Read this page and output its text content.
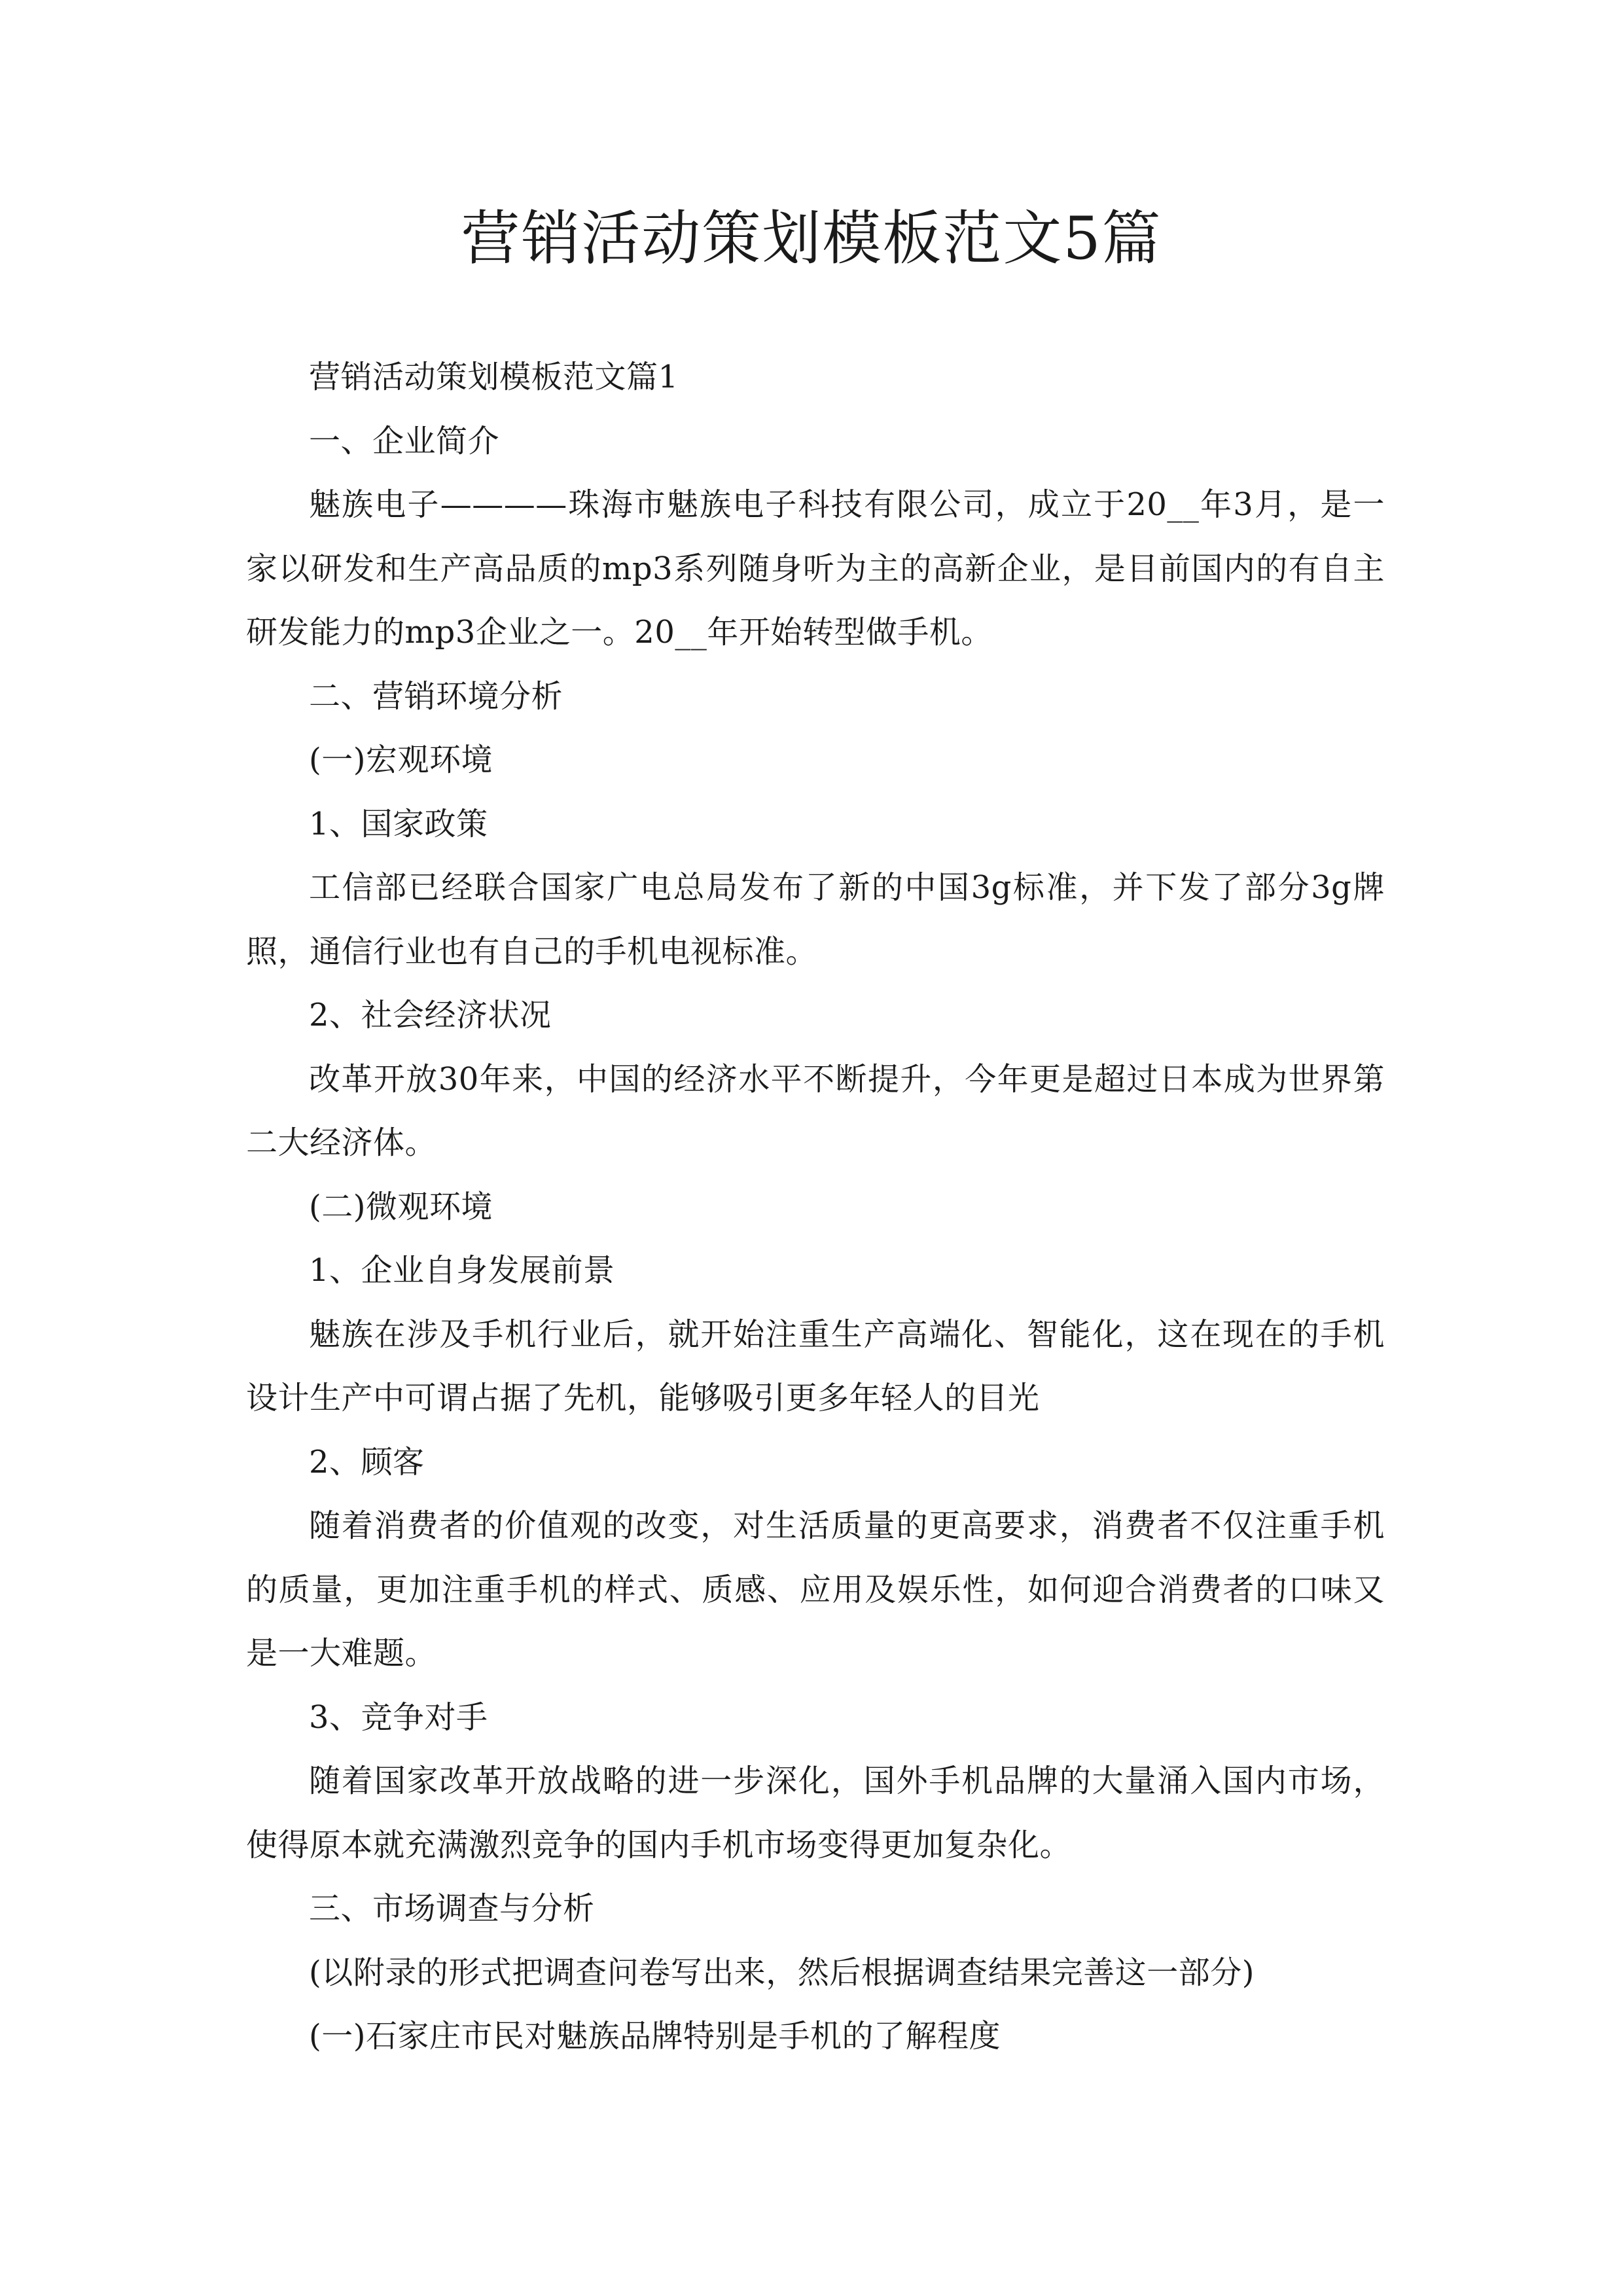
营销活动策划模板范文5篇

营销活动策划模板范文篇1

一、企业简介

魅族电子————珠海市魅族电子科技有限公司，成立于20__年3月，是一家以研发和生产高品质的mp3系列随身听为主的高新企业，是目前国内的有自主研发能力的mp3企业之一。20__年开始转型做手机。

二、营销环境分析

(一)宏观环境

1、国家政策

工信部已经联合国家广电总局发布了新的中国3g标准，并下发了部分3g牌照，通信行业也有自己的手机电视标准。

2、社会经济状况

改革开放30年来，中国的经济水平不断提升，今年更是超过日本成为世界第二大经济体。

(二)微观环境

1、企业自身发展前景

魅族在涉及手机行业后，就开始注重生产高端化、智能化，这在现在的手机设计生产中可谓占据了先机，能够吸引更多年轻人的目光

2、顾客

随着消费者的价值观的改变，对生活质量的更高要求，消费者不仅注重手机的质量，更加注重手机的样式、质感、应用及娱乐性，如何迎合消费者的口味又是一大难题。

3、竞争对手

随着国家改革开放战略的进一步深化，国外手机品牌的大量涌入国内市场，使得原本就充满激烈竞争的国内手机市场变得更加复杂化。

三、市场调查与分析

(以附录的形式把调查问卷写出来，然后根据调查结果完善这一部分)

(一)石家庄市民对魅族品牌特别是手机的了解程度
